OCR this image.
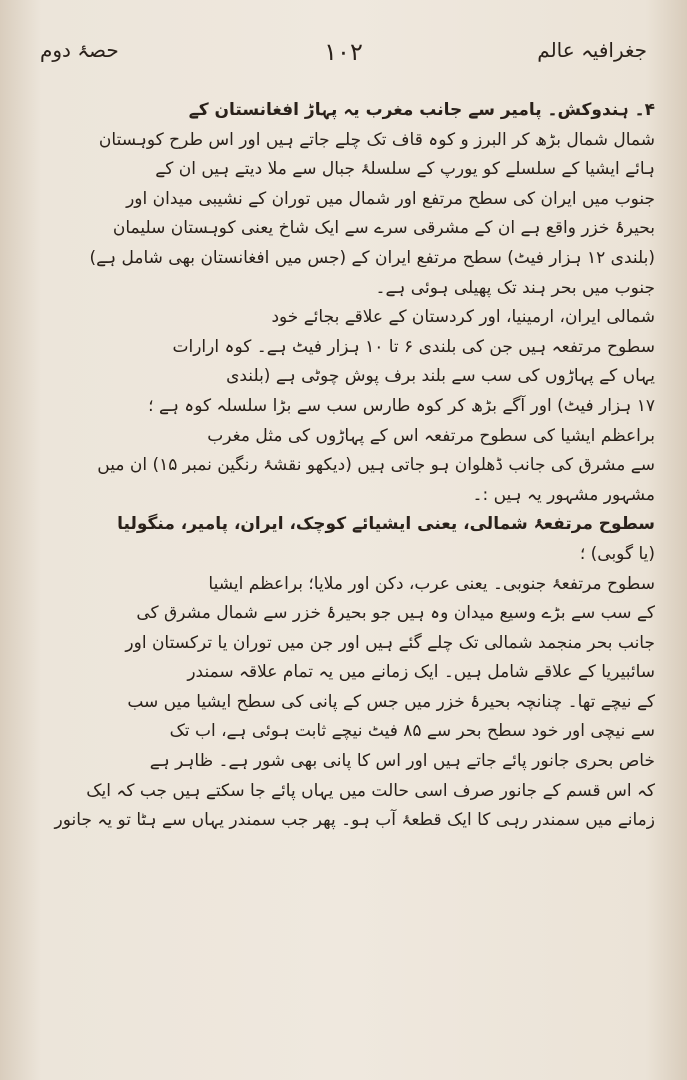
جغرافیہ عالم
۱۰۲
حصۂ دوم
۴۔ ہندوکش۔ پامیر سے جانب مغرب یہ پہاڑ افغانستان کے
شمال شمال بڑھ کر البرز و کوہ قاف تک چلے جاتے ہیں اور اس طرح کوہستان
ہائے ایشیا کے سلسلے کو یورپ کے سلسلۂ جبال سے ملا دیتے ہیں ان کے
جنوب میں ایران کی سطح مرتفع اور شمال میں توران کے نشیبی میدان اور
بحیرۂ خزر واقع ہے ان کے مشرقی سرے سے ایک شاخ یعنی کوہستان سلیمان
(بلندی ۱۲ ہزار فیٹ) سطح مرتفع ایران کے (جس میں افغانستان بھی شامل ہے)
جنوب میں بحر ہند تک پھیلی ہوئی ہے۔
شمالی ایران، ارمینیا، اور کردستان کے علاقے بجائے خود
سطوح مرتفعہ ہیں جن کی بلندی ۶ تا ۱۰ ہزار فیٹ ہے۔ کوہ ارارات
یہاں کے پہاڑوں کی سب سے بلند برف پوش چوٹی ہے (بلندی
۱۷ ہزار فیٹ) اور آگے بڑھ کر کوہ طارس سب سے بڑا سلسلہ کوہ ہے ؛
براعظم ایشیا کی سطوح مرتفعہ اس کے پہاڑوں کی مثل مغرب
سے مشرق کی جانب ڈھلوان ہو جاتی ہیں (دیکھو نقشۂ رنگین نمبر ۱۵) ان میں
مشہور مشہور یہ ہیں :۔
سطوح مرتفعۂ شمالی، یعنی ایشیائے کوچک، ایران، پامیر، منگولیا
(یا گوبی) ؛
سطوح مرتفعۂ جنوبی۔ یعنی عرب، دکن اور ملایا؛ براعظم ایشیا
کے سب سے بڑے وسیع میدان وہ ہیں جو بحیرۂ خزر سے شمال مشرق کی
جانب بحر منجمد شمالی تک چلے گئے ہیں اور جن میں توران یا ترکستان اور
سائبیریا کے علاقے شامل ہیں۔ ایک زمانے میں یہ تمام علاقہ سمندر
کے نیچے تھا۔ چنانچہ بحیرۂ خزر میں جس کے پانی کی سطح ایشیا میں سب
سے نیچی اور خود سطح بحر سے ۸۵ فیٹ نیچے ثابت ہوئی ہے، اب تک
خاص بحری جانور پائے جاتے ہیں اور اس کا پانی بھی شور ہے۔ ظاہر ہے
کہ اس قسم کے جانور صرف اسی حالت میں یہاں پائے جا سکتے ہیں جب کہ ایک
زمانے میں سمندر رہی کا ایک قطعۂ آب ہو۔ پھر جب سمندر یہاں سے ہٹا تو یہ جانور
